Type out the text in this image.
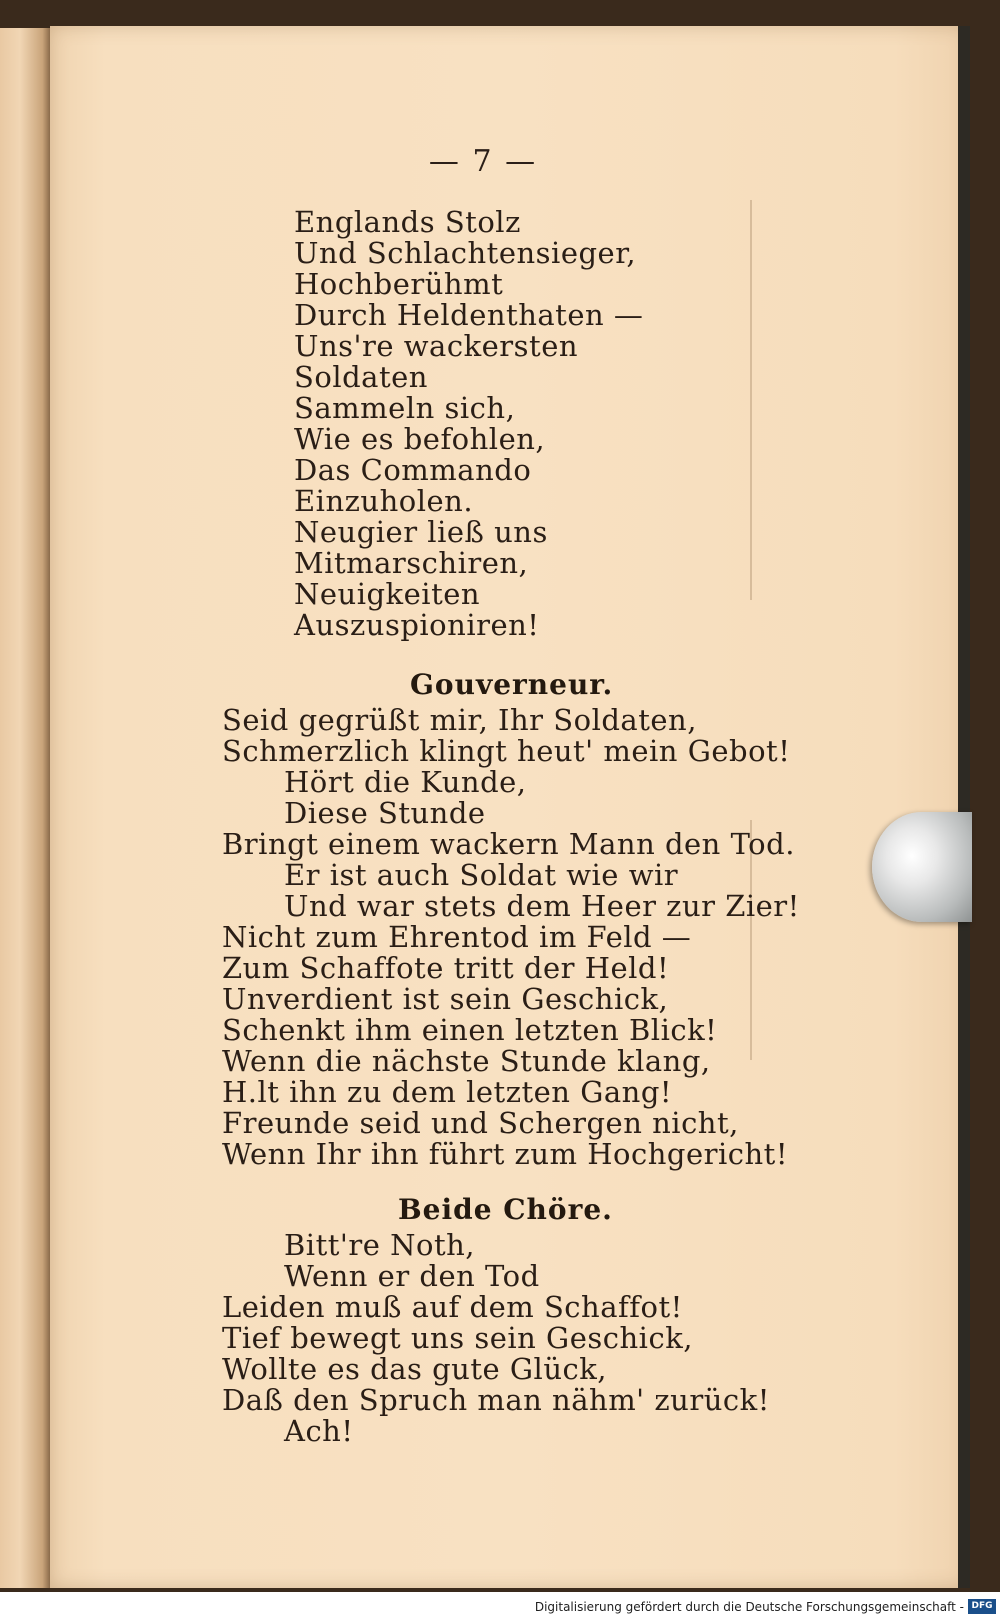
— 7 —
Englands Stolz
Und Schlachtensieger,
Hochberühmt
Durch Heldenthaten —
Uns're wackersten
Soldaten
Sammeln sich,
Wie es befohlen,
Das Commando
Einzuholen.
Neugier ließ uns
Mitmarschiren,
Neuigkeiten
Auszuspioniren!
Gouverneur.
Seid gegrüßt mir, Ihr Soldaten,
Schmerzlich klingt heut' mein Gebot!
Hört die Kunde,
Diese Stunde
Bringt einem wackern Mann den Tod.
Er ist auch Soldat wie wir
Und war stets dem Heer zur Zier!
Nicht zum Ehrentod im Feld —
Zum Schaffote tritt der Held!
Unverdient ist sein Geschick,
Schenkt ihm einen letzten Blick!
Wenn die nächste Stunde klang,
H.lt ihn zu dem letzten Gang!
Freunde seid und Schergen nicht,
Wenn Ihr ihn führt zum Hochgericht!
Beide Chöre.
Bitt're Noth,
Wenn er den Tod
Leiden muß auf dem Schaffot!
Tief bewegt uns sein Geschick,
Wollte es das gute Glück,
Daß den Spruch man nähm' zurück!
Ach!
Digitalisierung gefördert durch die Deutsche Forschungsgemeinschaft - DFG
